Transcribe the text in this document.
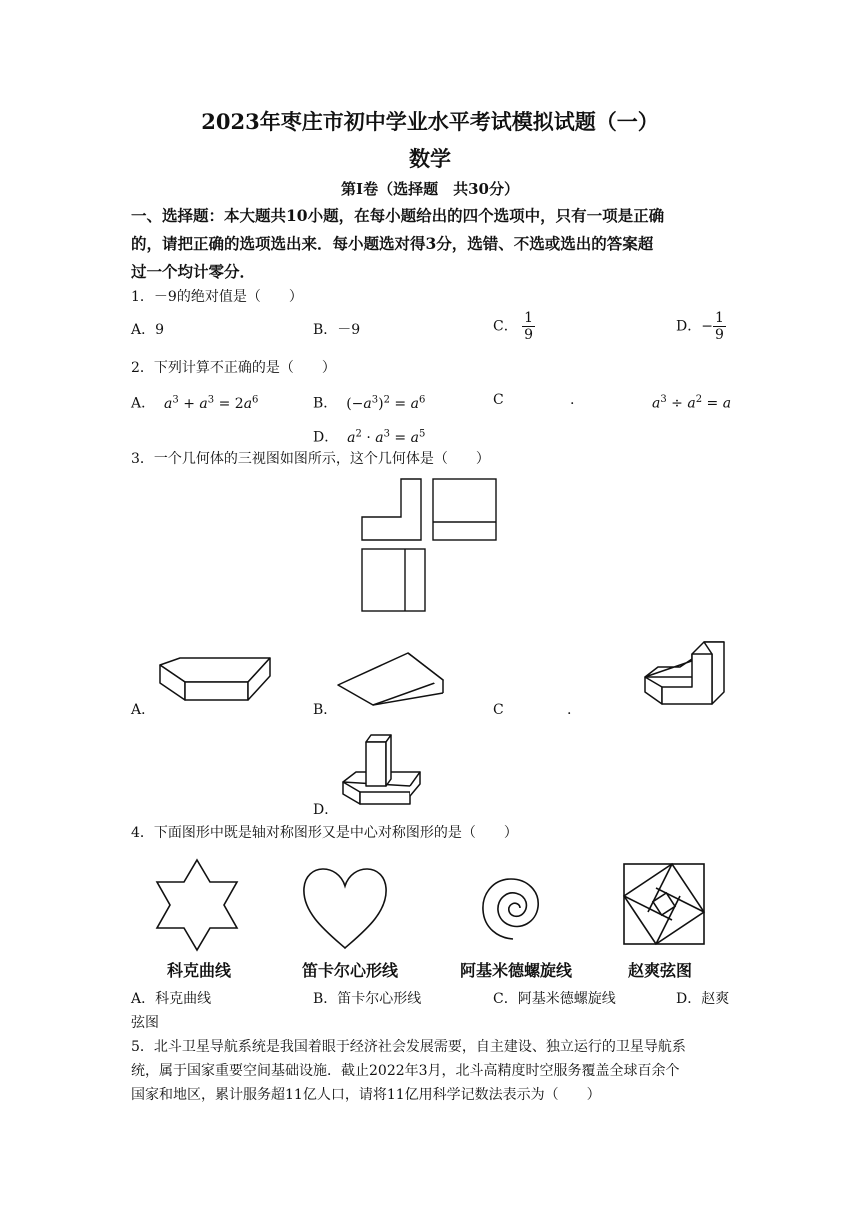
2023年枣庄市初中学业水平考试模拟试题（一）
数学
第Ⅰ卷（选择题　共30分）
一、选择题：本大题共10小题，在每小题给出的四个选项中，只有一项是正确
的，请把正确的选项选出来．每小题选对得3分，选错、不选或选出的答案超
过一个均计零分．
1．－9的绝对值是（　　）
A．9	B．－9	C． $\frac{1}{9}$	D．− $\frac{1}{9}$
2．下列计算不正确的是（　　）
A． $a^3 + a^3 = 2a^6$	B．  $(-a^3)^2 = a^6$	C	.	$a^3 \div a^2 = a$
D． $a^2 \cdot a^3 = a^5$
3．一个几何体的三视图如图所示，这个几何体是（　　）
A．	B．	C	.
D．
4．下面图形中既是轴对称图形又是中心对称图形的是（　　）
科克曲线	笛卡尔心形线	阿基米德螺旋线	赵爽弦图
A．科克曲线	B．笛卡尔心形线	C．阿基米德螺旋线	D．赵爽
弦图
5．北斗卫星导航系统是我国着眼于经济社会发展需要，自主建设、独立运行的卫星导航系
统，属于国家重要空间基础设施．截止2022年3月，北斗高精度时空服务覆盖全球百余个
国家和地区，累计服务超11亿人口，请将11亿用科学记数法表示为（　　）
